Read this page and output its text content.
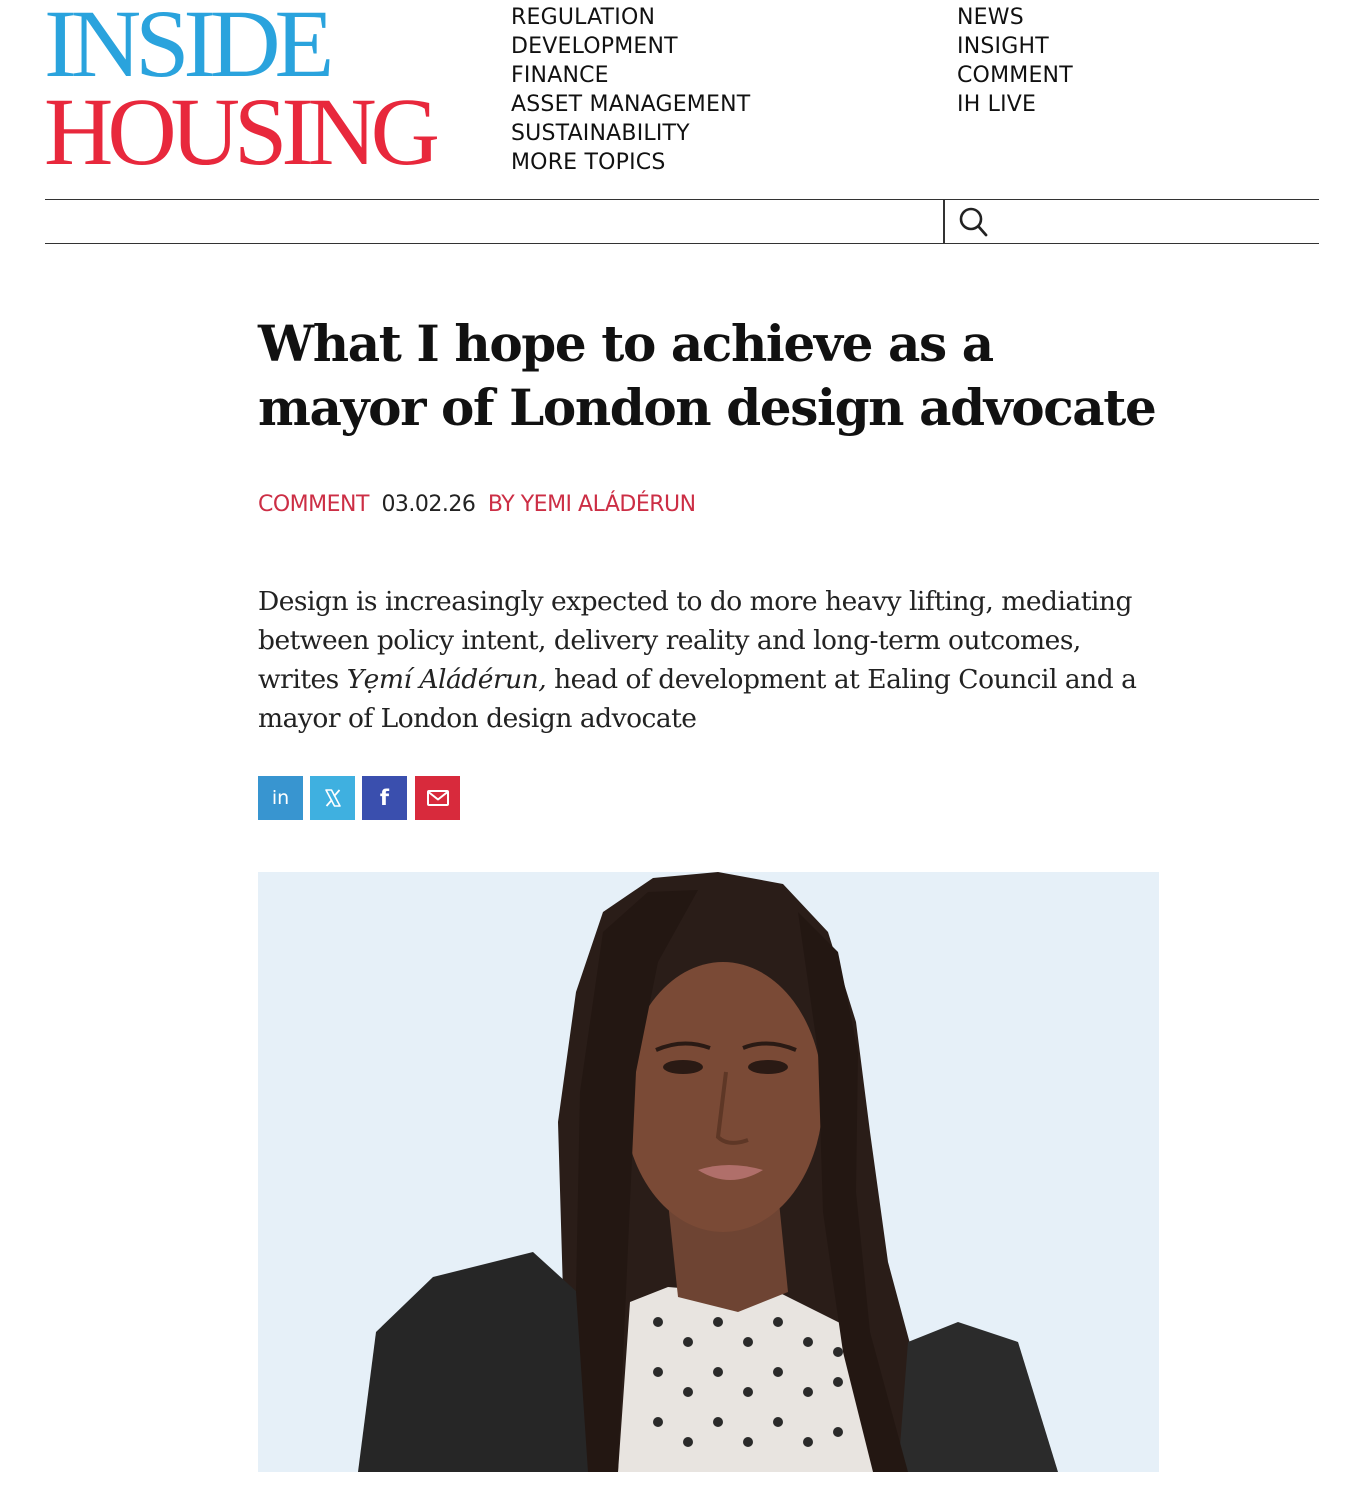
INSIDE
HOUSING
REGULATION
DEVELOPMENT
FINANCE
ASSET MANAGEMENT
SUSTAINABILITY
MORE TOPICS
NEWS
INSIGHT
COMMENT
IH LIVE
What I hope to achieve as a mayor of London design advocate
COMMENT 03.02.26 BY YEMI ALÁDÉRUN

Design is increasingly expected to do more heavy lifting, mediating between policy intent, delivery reality and long-term outcomes, writes Yẹmí Aládérun, head of development at Ealing Council and a mayor of London design advocate

in	f
